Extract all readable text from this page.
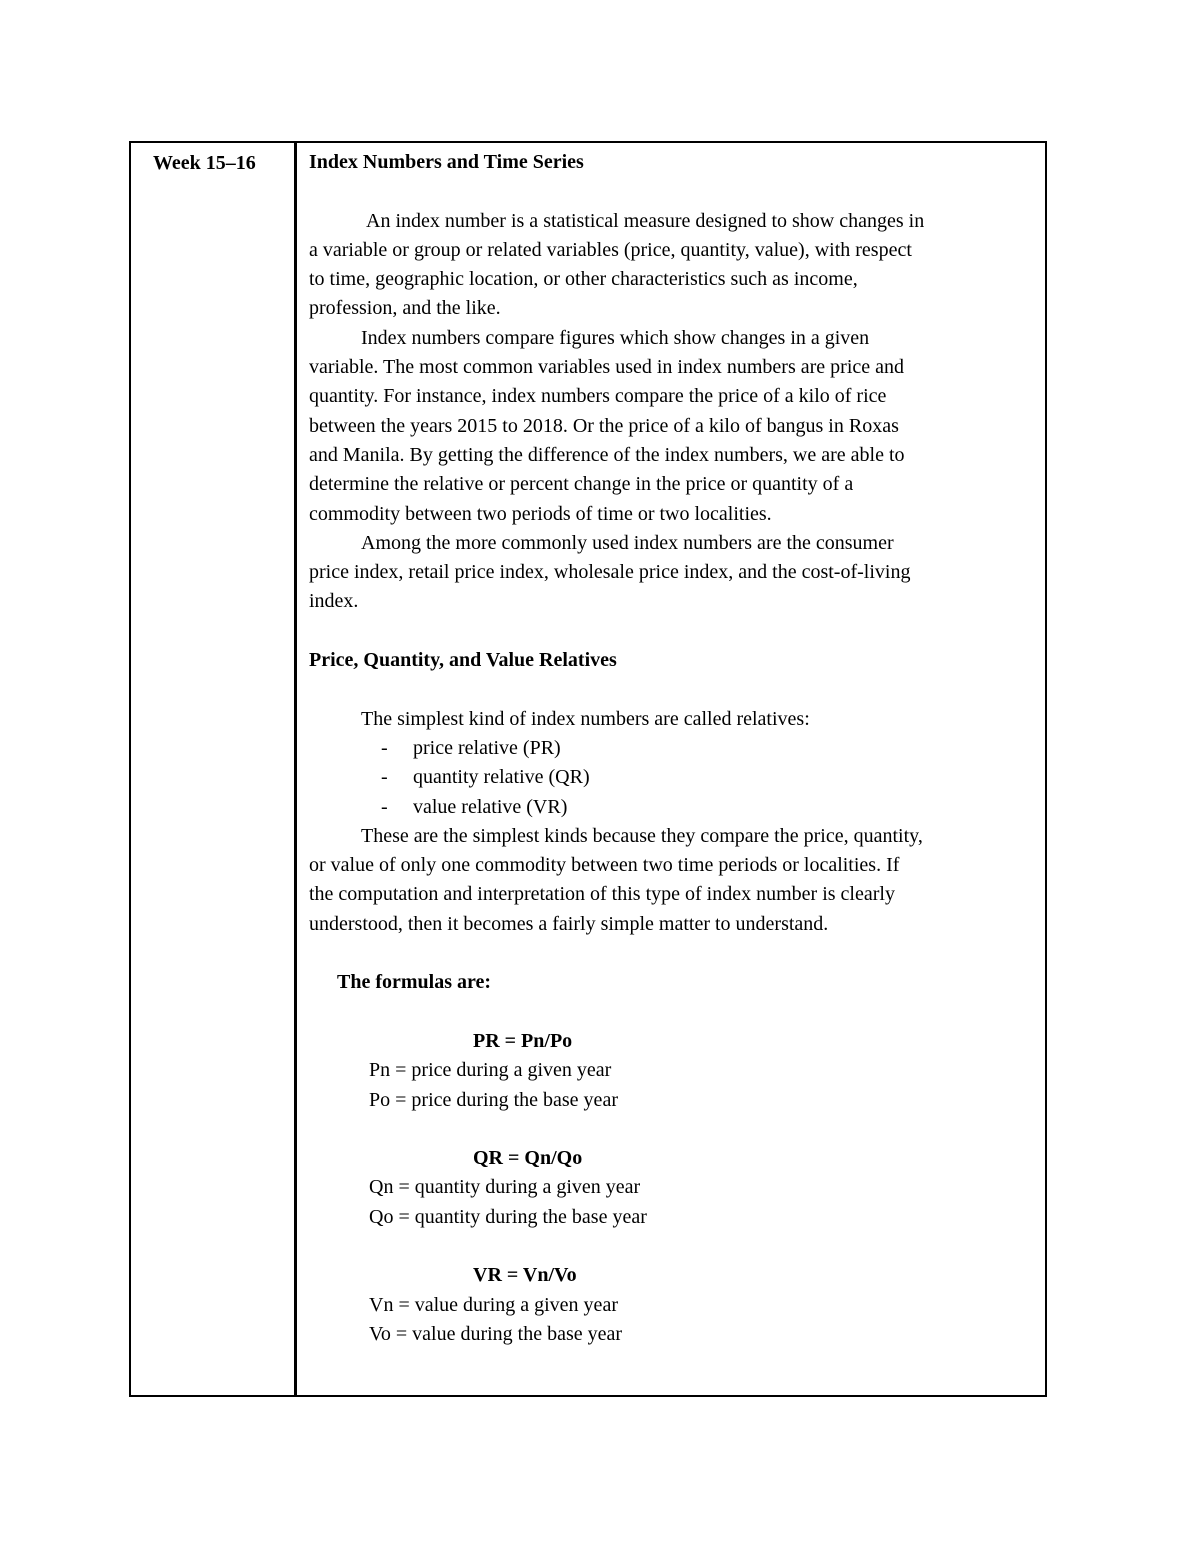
Week 15–16	Index Numbers and Time Series
An index number is a statistical measure designed to show changes in
a variable or group or related variables (price, quantity, value), with respect
to time, geographic location, or other characteristics such as income,
profession, and the like.
Index numbers compare figures which show changes in a given
variable. The most common variables used in index numbers are price and
quantity. For instance, index numbers compare the price of a kilo of rice
between the years 2015 to 2018. Or the price of a kilo of bangus in Roxas
and Manila. By getting the difference of the index numbers, we are able to
determine the relative or percent change in the price or quantity of a
commodity between two periods of time or two localities.
Among the more commonly used index numbers are the consumer
price index, retail price index, wholesale price index, and the cost-of-living
index.
Price, Quantity, and Value Relatives
The simplest kind of index numbers are called relatives:
- price relative (PR)
- quantity relative (QR)
- value relative (VR)
These are the simplest kinds because they compare the price, quantity,
or value of only one commodity between two time periods or localities. If
the computation and interpretation of this type of index number is clearly
understood, then it becomes a fairly simple matter to understand.
The formulas are:
PR = Pn/Po
Pn = price during a given year
Po = price during the base year
QR = Qn/Qo
Qn = quantity during a given year
Qo = quantity during the base year
VR = Vn/Vo
Vn = value during a given year
Vo = value during the base year
